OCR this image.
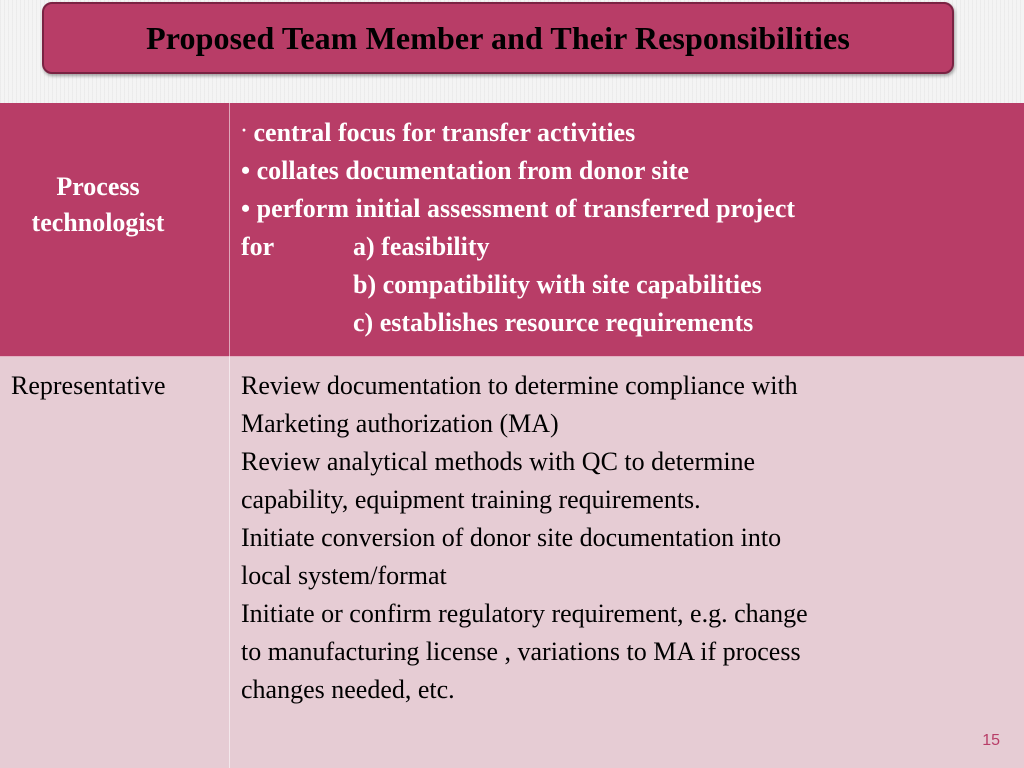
Proposed Team Member and Their Responsibilities
Process
technologist
· central focus for transfer activities
• collates documentation from donor site
• perform initial assessment of transferred project
for	a) feasibility
b) compatibility with site capabilities
c) establishes resource requirements
Representative	Review documentation to determine compliance with
Marketing authorization (MA)
Review analytical methods with QC to determine
capability, equipment training requirements.
Initiate conversion of donor site documentation into
local system/format
Initiate or confirm regulatory requirement, e.g. change
to manufacturing license , variations to MA if process
changes needed, etc.
15
